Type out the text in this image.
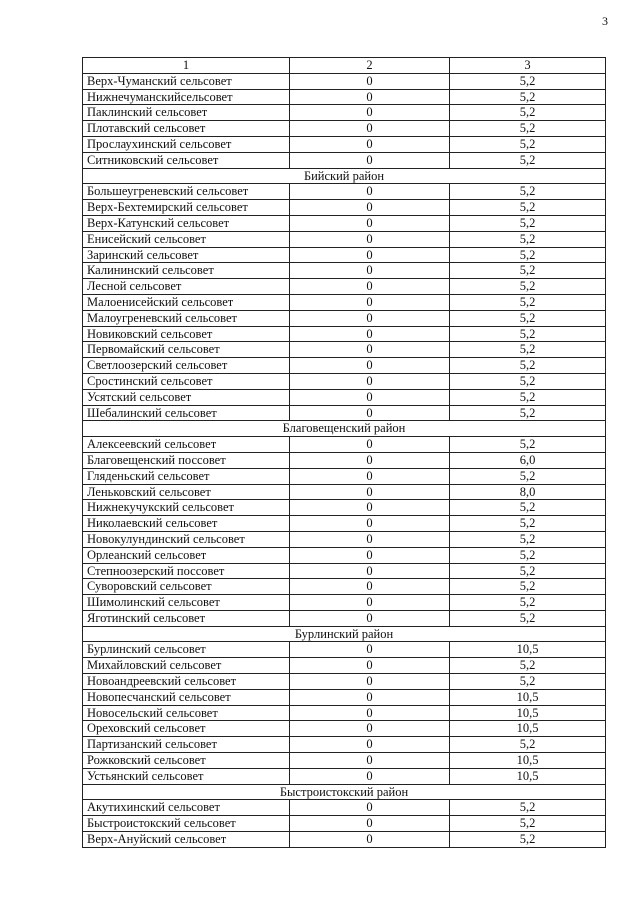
3
1	2	3
Верх-Чуманский сельсовет	0	5,2
Нижнечуманскийсельсовет	0	5,2
Паклинский сельсовет	0	5,2
Плотавский сельсовет	0	5,2
Прослаухинский сельсовет	0	5,2
Ситниковский сельсовет	0	5,2
Бийский район		
Большеугреневский сельсовет	0	5,2
Верх-Бехтемирский сельсовет	0	5,2
Верх-Катунский сельсовет	0	5,2
Енисейский сельсовет	0	5,2
Заринский сельсовет	0	5,2
Калининский сельсовет	0	5,2
Лесной сельсовет	0	5,2
Малоенисейский сельсовет	0	5,2
Малоугреневский сельсовет	0	5,2
Новиковский сельсовет	0	5,2
Первомайский сельсовет	0	5,2
Светлоозерский сельсовет	0	5,2
Сростинский сельсовет	0	5,2
Усятский сельсовет	0	5,2
Шебалинский сельсовет	0	5,2
Благовещенский район		
Алексеевский сельсовет	0	5,2
Благовещенский поссовет	0	6,0
Гляденьский сельсовет	0	5,2
Леньковский сельсовет	0	8,0
Нижнекучукский сельсовет	0	5,2
Николаевский сельсовет	0	5,2
Новокулундинский сельсовет	0	5,2
Орлеанский сельсовет	0	5,2
Степноозерский поссовет	0	5,2
Суворовский сельсовет	0	5,2
Шимолинский сельсовет	0	5,2
Яготинский сельсовет	0	5,2
Бурлинский район		
Бурлинский сельсовет	0	10,5
Михайловский сельсовет	0	5,2
Новоандреевский сельсовет	0	5,2
Новопесчанский сельсовет	0	10,5
Новосельский сельсовет	0	10,5
Ореховский сельсовет	0	10,5
Партизанский сельсовет	0	5,2
Рожковский сельсовет	0	10,5
Устьянский сельсовет	0	10,5
Быстроистокский район		
Акутихинский сельсовет	0	5,2
Быстроистокский сельсовет	0	5,2
Верх-Ануйский сельсовет	0	5,2
